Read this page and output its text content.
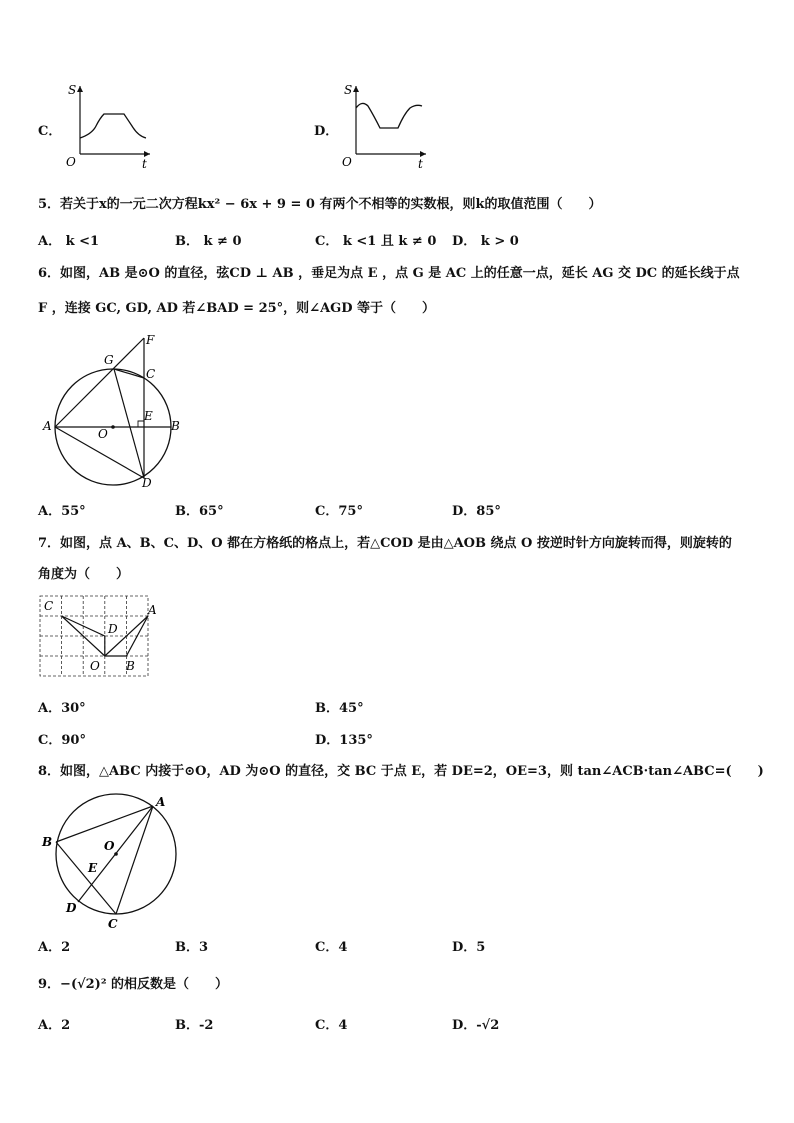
C．
S
O	t
D．
S
O	t
5．若关于x的一元二次方程kx² − 6x + 9 = 0 有两个不相等的实数根，则k的取值范围（　　）
A． k <1	B． k ≠ 0	C． k <1 且 k ≠ 0 D． k > 0
6．如图，AB 是⊙O 的直径，弦CD ⊥ AB ，垂足为点 E ，点 G 是 AC 上的任意一点，延长 AG 交 DC 的延长线于点
F ，连接 GC, GD, AD 若∠BAD = 25°，则∠AGD 等于（　　）
F
G
C
E
A
O
B
D
A．55°	B．65°	C．75°	D．85°
7．如图，点 A、B、C、D、O 都在方格纸的格点上，若△COD 是由△AOB 绕点 O 按逆时针方向旋转而得，则旋转的
角度为（　　）
C	A
D
O B
A．30°	B．45°
C．90°	D．135°
8．如图，△ABC 内接于⊙O，AD 为⊙O 的直径，交 BC 于点 E，若 DE=2，OE=3，则 tan∠ACB·tan∠ABC=(　　)
A
B	O
E
D
C
A．2	B．3	C．4	D．5
9．−(√2)² 的相反数是（　　）
A．2	B．-2	C．4	D．-√2
